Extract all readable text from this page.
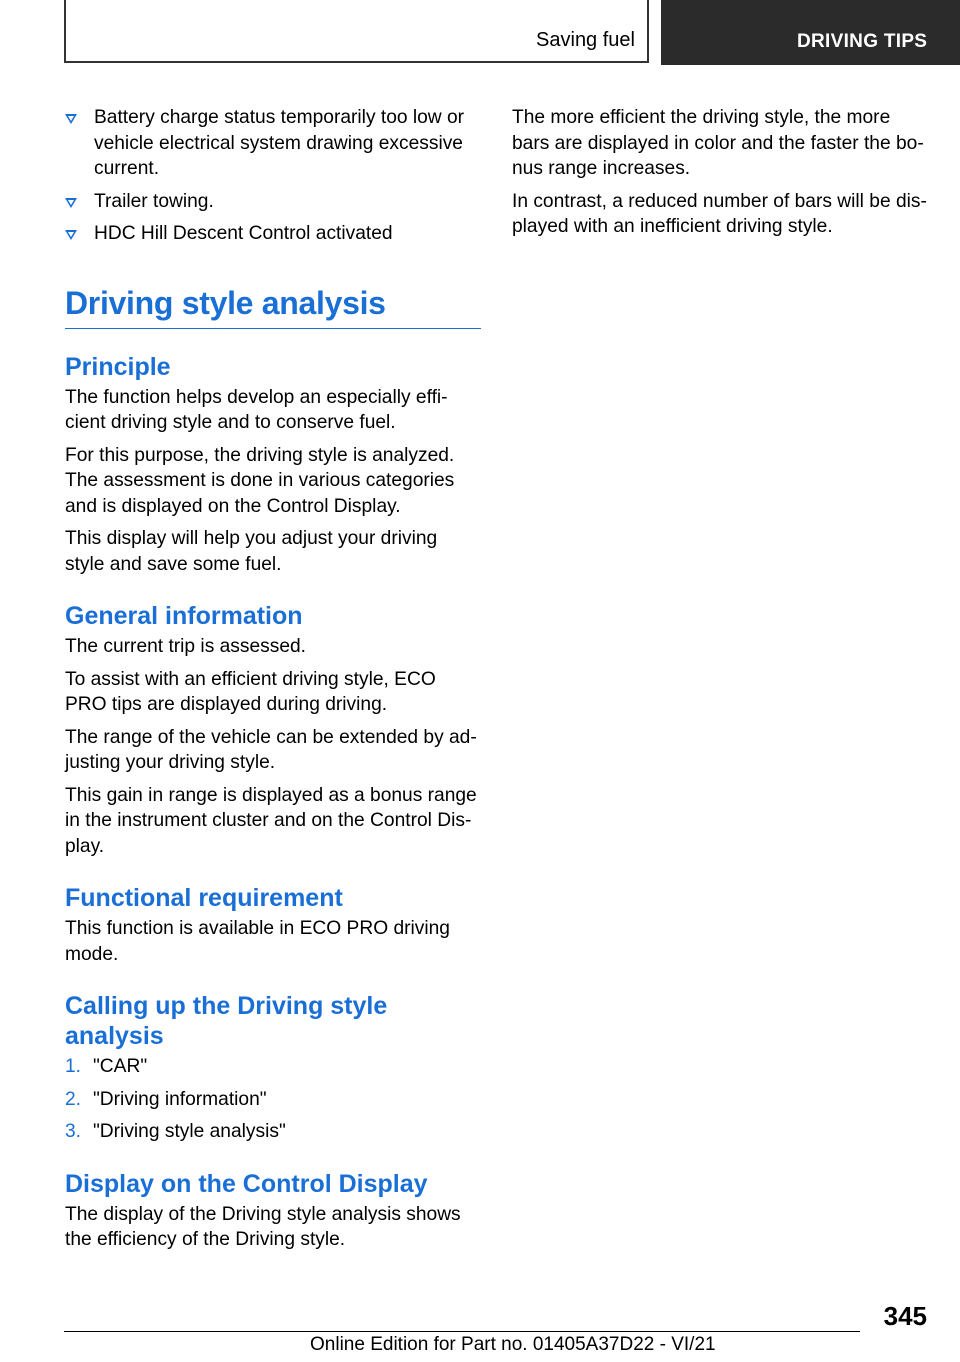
Saving fuel	DRIVING TIPS
Battery charge status temporarily too low or vehicle electrical system drawing excessive current.
Trailer towing.
HDC Hill Descent Control activated
Driving style analysis
Principle

The function helps develop an especially effi-cient driving style and to conserve fuel.

For this purpose, the driving style is analyzed. The assessment is done in various categories and is displayed on the Control Display.

This display will help you adjust your driving style and save some fuel.

General information

The current trip is assessed.

To assist with an efficient driving style, ECO PRO tips are displayed during driving.

The range of the vehicle can be extended by ad-justing your driving style.

This gain in range is displayed as a bonus range in the instrument cluster and on the Control Dis-play.

Functional requirement

This function is available in ECO PRO driving mode.

Calling up the Driving style analysis
1. "CAR"
2. "Driving information"
3. "Driving style analysis"
Display on the Control Display

The display of the Driving style analysis shows the efficiency of the Driving style.

The more efficient the driving style, the more bars are displayed in color and the faster the bo-nus range increases.

In contrast, a reduced number of bars will be dis-played with an inefficient driving style.

345
Online Edition for Part no. 01405A37D22 - VI/21
